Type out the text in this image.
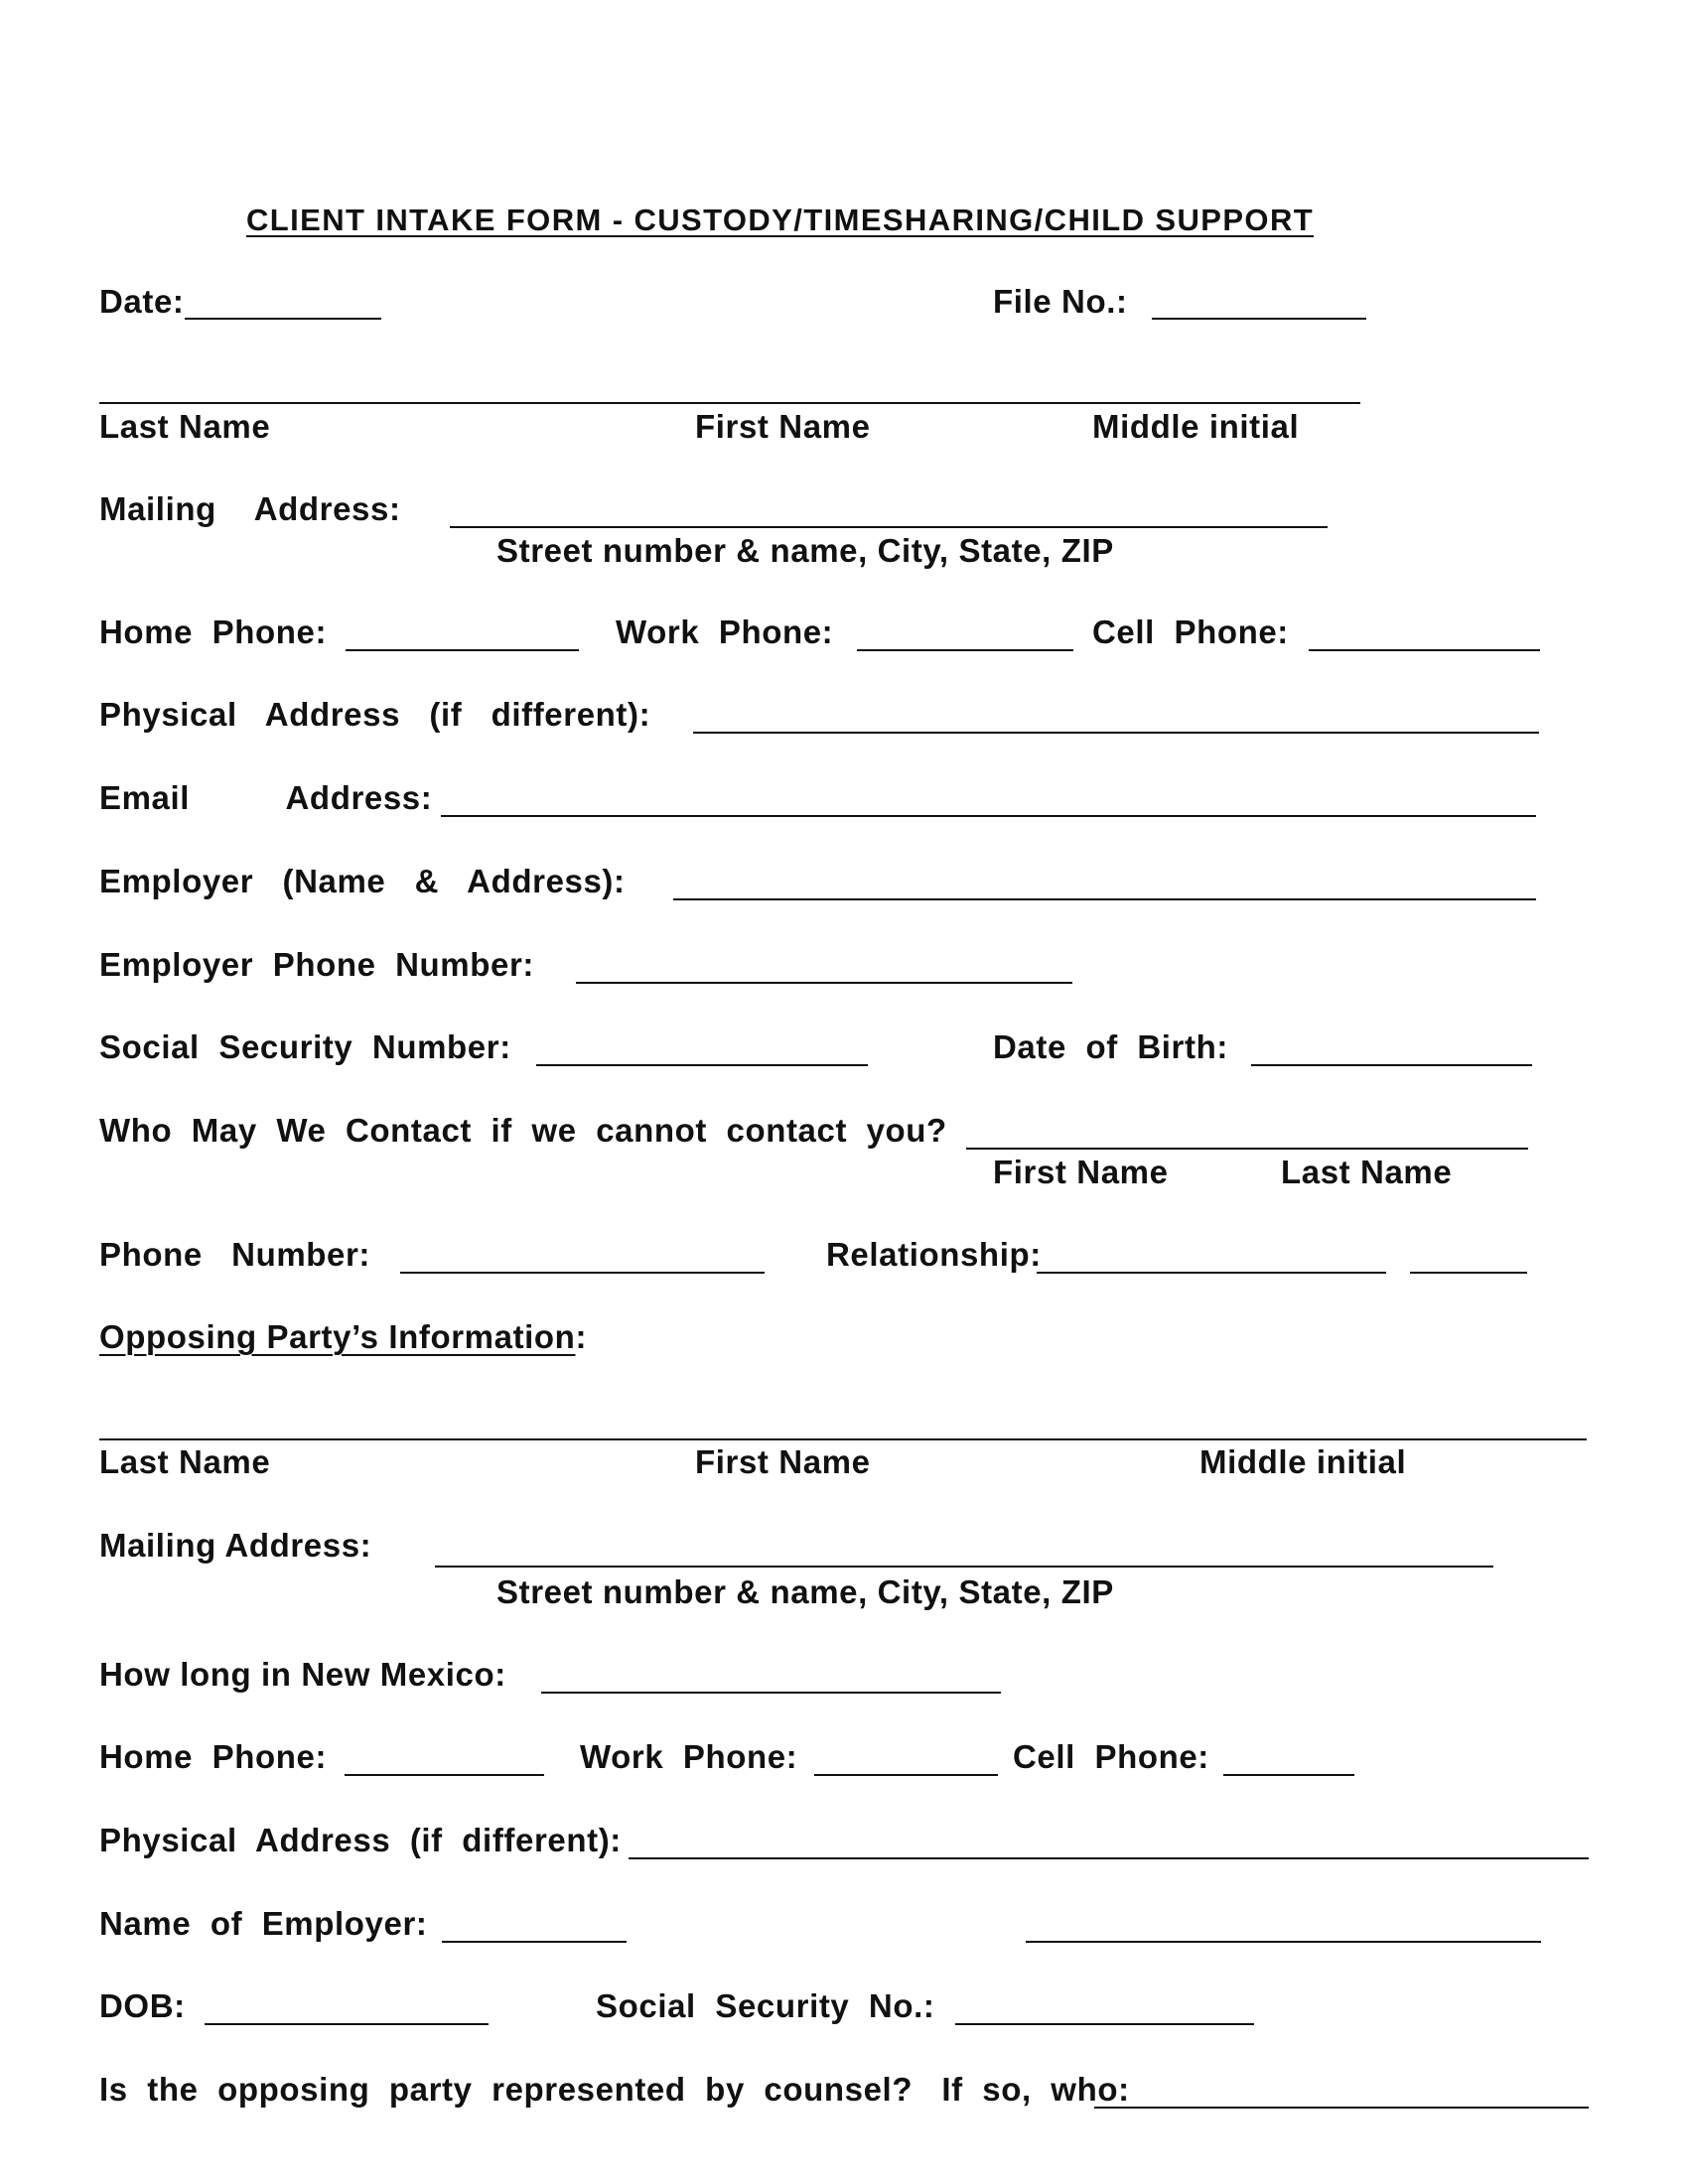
CLIENT INTAKE FORM - CUSTODY/TIMESHARING/CHILD SUPPORT
Date:	File No.:
Last Name	First Name	Middle initial
Mailing    Address:
Street number & name, City, State, ZIP
Home  Phone:	Work  Phone:	Cell  Phone:
Physical   Address   (if   different):
Email          Address:
Employer   (Name   &   Address):
Employer  Phone  Number:
Social  Security  Number:	Date  of  Birth:
Who  May  We  Contact  if  we  cannot  contact  you?
First Name	Last Name
Phone   Number:	Relationship:
Opposing Party’s Information:
Last Name	First Name	Middle initial
Mailing Address:
Street number & name, City, State, ZIP
How long in New Mexico:
Home  Phone:	Work  Phone:	Cell  Phone:
Physical  Address  (if  different):
Name  of  Employer:
DOB:	Social  Security  No.:
Is  the  opposing  party  represented  by  counsel?   If  so,  who:
